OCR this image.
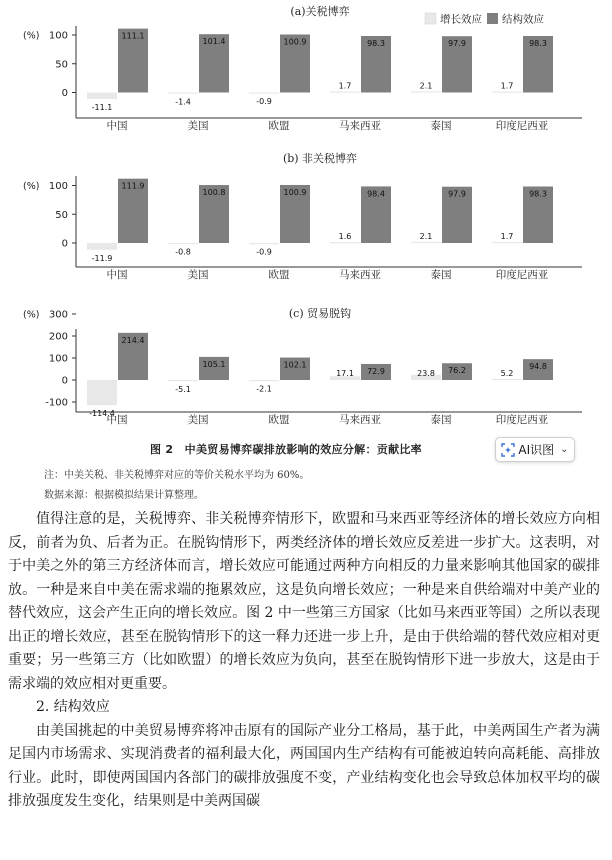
增长效应 结构效应
(a)关税博弈
100
50
0
(%)
-11.1
111.1
中国
-1.4
101.4
美国
-0.9
100.9
欧盟
1.7
98.3
马来西亚
2.1
97.9
泰国
1.7
98.3
印度尼西亚
(b) 非关税博弈
100
50
0
(%)
-11.9
111.9
中国
-0.8
100.8
美国
-0.9
100.9
欧盟
1.6
98.4
马来西亚
2.1
97.9
泰国
1.7
98.3
印度尼西亚
(c) 贸易脱钩
300
200
100
0
-100
(%)
-114.4
214.4
中国
-5.1
105.1
美国
-2.1
102.1
欧盟
17.1 72.9
马来西亚
23.8 76.2
泰国
5.2
94.8
印度尼西亚
图 2　中美贸易博弈碳排放影响的效应分解：贡献比率	AI识图 ⌄
注：中美关税、非关税博弈对应的等价关税水平均为 60%。
数据来源：根据模拟结果计算整理。

值得注意的是，关税博弈、非关税博弈情形下，欧盟和马来西亚等经济体的增长效应方向相反，前者为负、后者为正。在脱钩情形下，两类经济体的增长效应反差进一步扩大。这表明，对于中美之外的第三方经济体而言，增长效应可能通过两种方向相反的力量来影响其他国家的碳排放。一种是来自中美在需求端的拖累效应，这是负向增长效应；一种是来自供给端对中美产业的替代效应，这会产生正向的增长效应。图 2 中一些第三方国家（比如马来西亚等国）之所以表现出正的增长效应，甚至在脱钩情形下的这一释力还进一步上升，是由于供给端的替代效应相对更重要；另一些第三方（比如欧盟）的增长效应为负向，甚至在脱钩情形下进一步放大，这是由于需求端的效应相对更重要。

2. 结构效应

由美国挑起的中美贸易博弈将冲击原有的国际产业分工格局，基于此，中美两国生产者为满足国内市场需求、实现消费者的福利最大化，两国国内生产结构有可能被迫转向高耗能、高排放行业。此时，即使两国国内各部门的碳排放强度不变，产业结构变化也会导致总体加权平均的碳排放强度发生变化，结果则是中美两国碳
